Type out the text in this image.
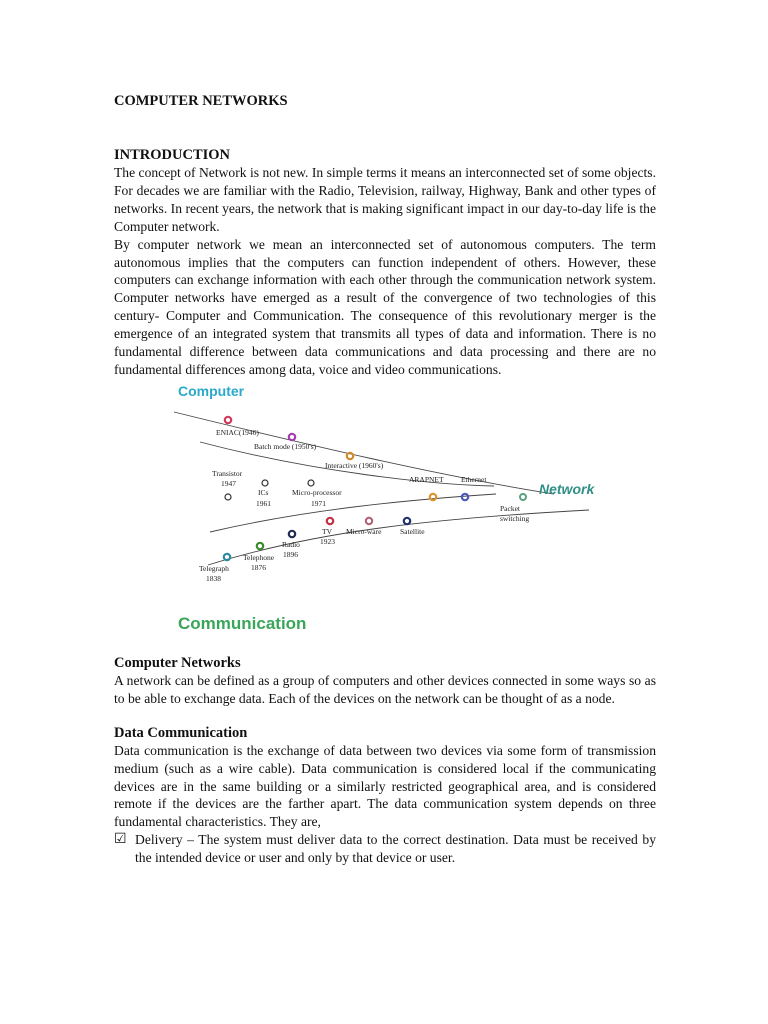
COMPUTER NETWORKS
INTRODUCTION

The concept of Network is not new. In simple terms it means an interconnected set of some objects. For decades we are familiar with the Radio, Television, railway, Highway, Bank and other types of networks. In recent years, the network that is making significant impact in our day-to-day life is the Computer network.

By computer network we mean an interconnected set of autonomous computers. The term autonomous implies that the computers can function independent of others. However, these computers can exchange information with each other through the communication network system. Computer networks have emerged as a result of the convergence of two technologies of this century- Computer and Communication. The consequence of this revolutionary merger is the emergence of an integrated system that transmits all types of data and information. There is no fundamental difference between data communications and data processing and there are no fundamental differences among data, voice and video communications.

Computer
Network
Communication
ENIAC(1946)
Batch mode (1950's)
Interactive (1960's)
Transistor
1947
ICs
1961
Micro-processor
1971
ARAPNET Ethernet
Packet
switching
TV
1923
Micro-ware Satellite
Radio
1896
Telephone
1876
Telegraph
1838
Computer Networks

A network can be defined as a group of computers and other devices connected in some ways so as to be able to exchange data. Each of the devices on the network can be thought of as a node.

Data Communication

Data communication is the exchange of data between two devices via some form of transmission medium (such as a wire cable). Data communication is considered local if the communicating devices are in the same building or a similarly restricted geographical area, and is considered remote if the devices are the farther apart. The data communication system depends on three fundamental characteristics. They are,

☑ Delivery – The system must deliver data to the correct destination. Data must be received by the intended device or user and only by that device or user.
